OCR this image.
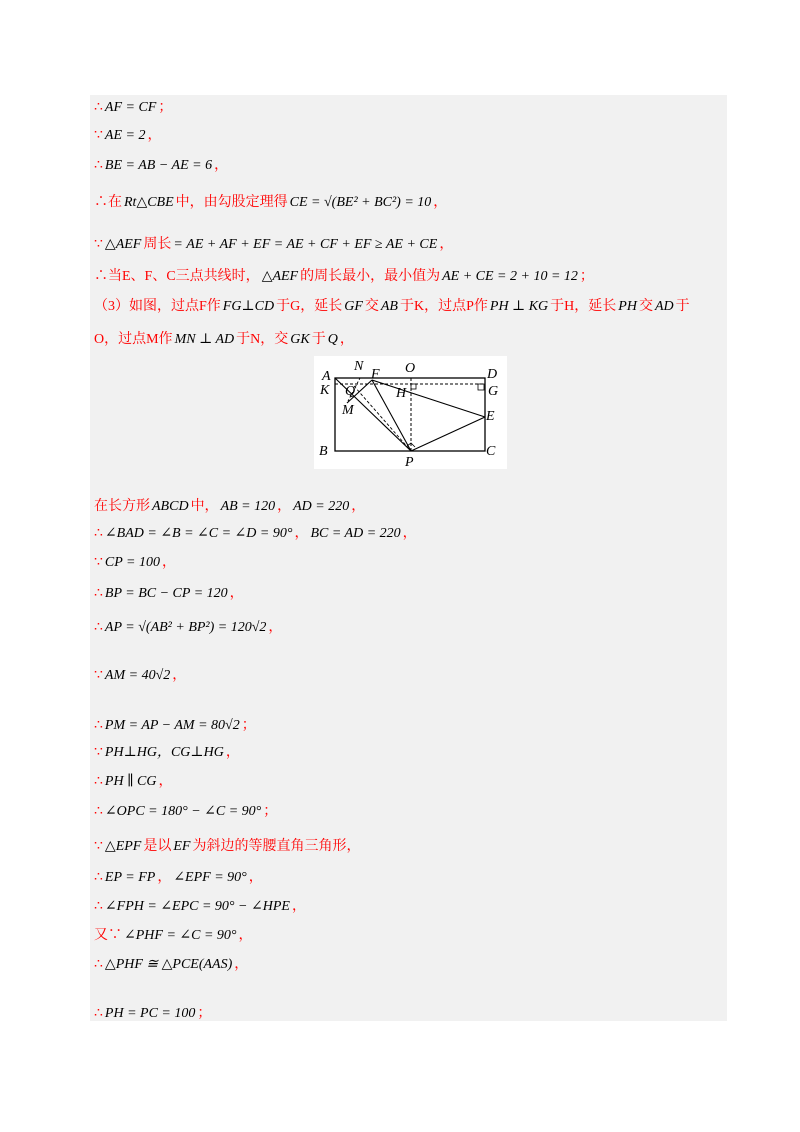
∴ AF = CF ；
∵ AE = 2 ，
∴ BE = AB − AE = 6 ，
∴在 Rt△CBE 中，由勾股定理得 CE = √(BE² + BC²) = 10 ，
∵ △AEF 周长 = AE + AF + EF = AE + CF + EF ≥ AE + CE ，
∴当E、F、C三点共线时， △AEF 的周长最小，最小值为 AE + CE = 2 + 10 = 12 ；
（3）如图，过点F作 FG⊥CD 于G，延长 GF 交 AB 于K，过点P作 PH ⊥ KG 于H，延长 PH 交 AD 于
O，过点M作 MN ⊥ AD 于N，交 GK 于 Q ，
在长方形 ABCD 中， AB = 120 ， AD = 220 ，
∴ ∠BAD = ∠B = ∠C = ∠D = 90° ， BC = AD = 220 ，
∵ CP = 100 ，
∴ BP = BC − CP = 120 ，
∴ AP = √(AB² + BP²) = 120√2 ，
∵ AM = 40√2 ，
∴ PM = AP − AM = 80√2 ；
∵ PH⊥HG，CG⊥HG ，
∴ PH ∥ CG ，
∴ ∠OPC = 180° − ∠C = 90° ；
∵ △EPF 是以 EF 为斜边的等腰直角三角形，
∴ EP = FP ， ∠EPF = 90° ，
∴ ∠FPH = ∠EPC = 90° − ∠HPE ，
又∵ ∠PHF = ∠C = 90° ，
∴ △PHF ≅ △PCE(AAS) ，
∴ PH = PC = 100 ；
A
N
F O	D
K Q	H	G
M	E
B
P
C
